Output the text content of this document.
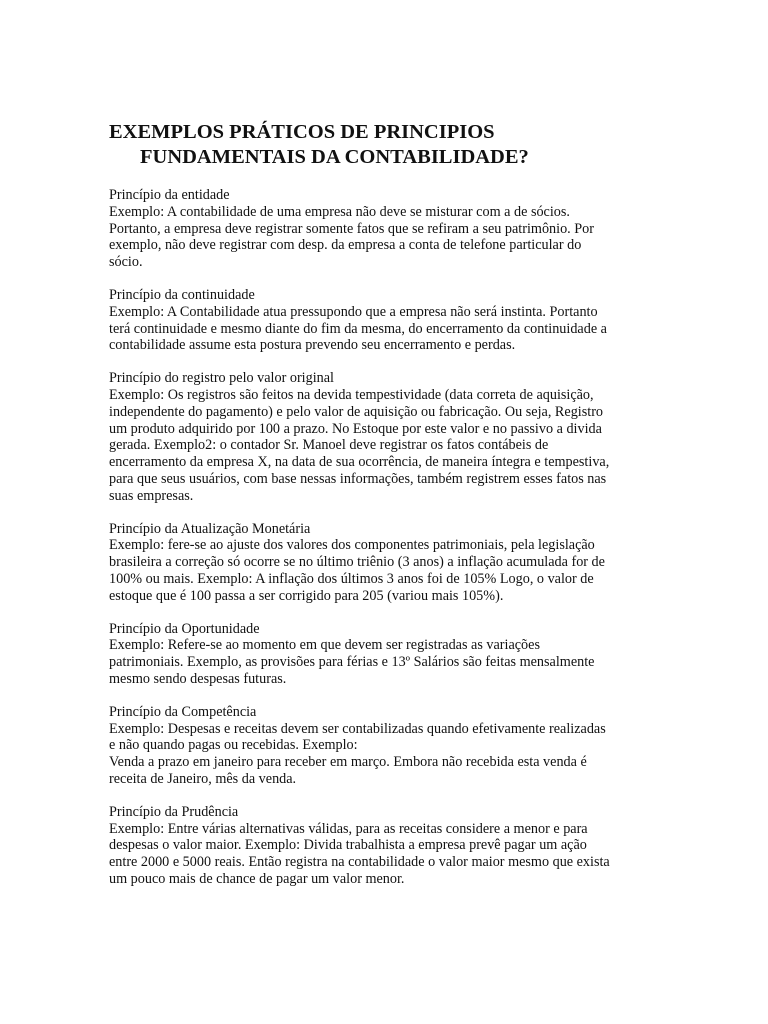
EXEMPLOS PRÁTICOS DE PRINCIPIOS
FUNDAMENTAIS DA CONTABILIDADE?
Princípio da entidade
Exemplo: A contabilidade de uma empresa não deve se misturar com a de sócios.
Portanto, a empresa deve registrar somente fatos que se refiram a seu patrimônio. Por
exemplo, não deve registrar com desp. da empresa a conta de telefone particular do
sócio.
Princípio da continuidade
Exemplo: A Contabilidade atua pressupondo que a empresa não será instinta. Portanto
terá continuidade e mesmo diante do fim da mesma, do encerramento da continuidade a
contabilidade assume esta postura prevendo seu encerramento e perdas.
Princípio do registro pelo valor original
Exemplo: Os registros são feitos na devida tempestividade (data correta de aquisição,
independente do pagamento) e pelo valor de aquisição ou fabricação. Ou seja, Registro
um produto adquirido por 100 a prazo. No Estoque por este valor e no passivo a divida
gerada. Exemplo2: o contador Sr. Manoel deve registrar os fatos contábeis de
encerramento da empresa X, na data de sua ocorrência, de maneira íntegra e tempestiva,
para que seus usuários, com base nessas informações, também registrem esses fatos nas
suas empresas.
Princípio da Atualização Monetária
Exemplo: fere-se ao ajuste dos valores dos componentes patrimoniais, pela legislação
brasileira a correção só ocorre se no último triênio (3 anos) a inflação acumulada for de
100% ou mais. Exemplo: A inflação dos últimos 3 anos foi de 105% Logo, o valor de
estoque que é 100 passa a ser corrigido para 205 (variou mais 105%).
Princípio da Oportunidade
Exemplo: Refere-se ao momento em que devem ser registradas as variações
patrimoniais. Exemplo, as provisões para férias e 13º Salários são feitas mensalmente
mesmo sendo despesas futuras.
Princípio da Competência
Exemplo: Despesas e receitas devem ser contabilizadas quando efetivamente realizadas
e não quando pagas ou recebidas. Exemplo:
Venda a prazo em janeiro para receber em março. Embora não recebida esta venda é
receita de Janeiro, mês da venda.
Princípio da Prudência
Exemplo: Entre várias alternativas válidas, para as receitas considere a menor e para
despesas o valor maior. Exemplo: Divida trabalhista a empresa prevê pagar um ação
entre 2000 e 5000 reais. Então registra na contabilidade o valor maior mesmo que exista
um pouco mais de chance de pagar um valor menor.
